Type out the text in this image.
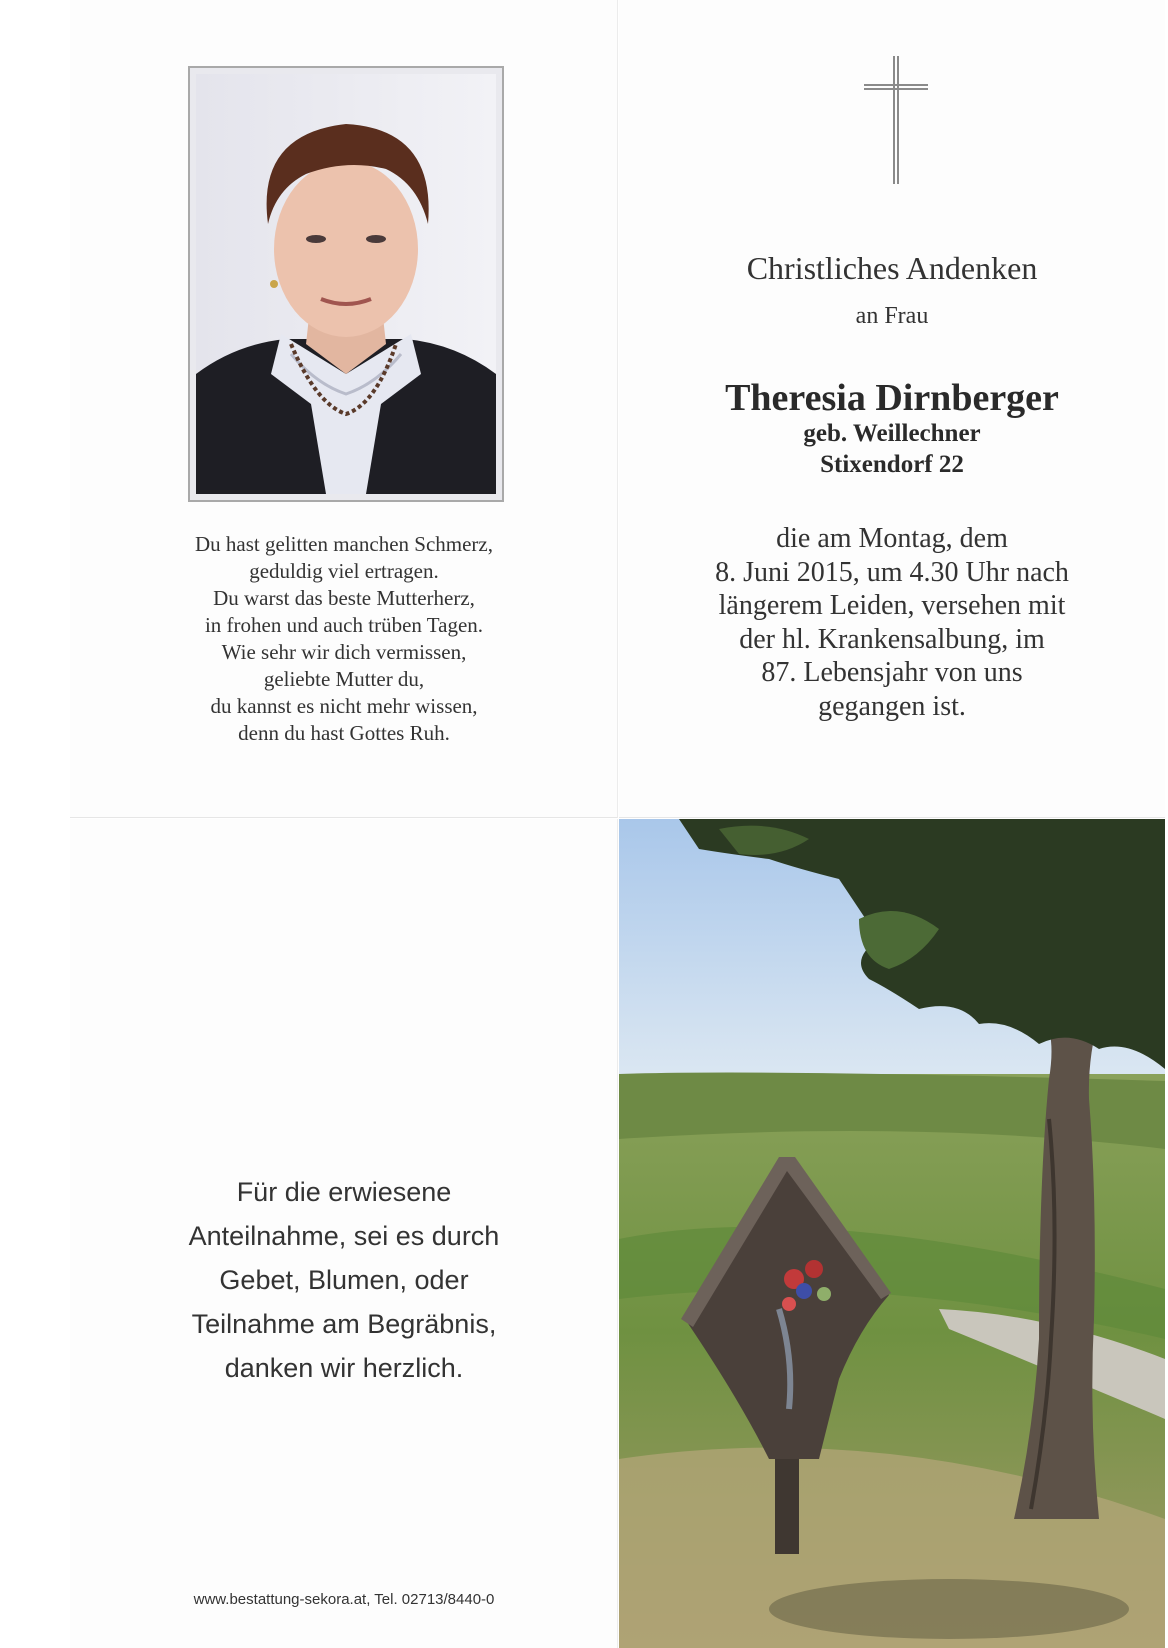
Du hast gelitten manchen Schmerz,
geduldig viel ertragen.
Du warst das beste Mutterherz,
in frohen und auch trüben Tagen.
Wie sehr wir dich vermissen,
geliebte Mutter du,
du kannst es nicht mehr wissen,
denn du hast Gottes Ruh.
Christliches Andenken
an Frau
Theresia Dirnberger
geb. Weillechner
Stixendorf 22
die am Montag, dem
8. Juni 2015, um 4.30 Uhr nach
längerem Leiden, versehen mit
der hl. Krankensalbung, im
87. Lebensjahr von uns
gegangen ist.
Für die erwiesene
Anteilnahme, sei es durch
Gebet, Blumen, oder
Teilnahme am Begräbnis,
danken wir herzlich.
www.bestattung-sekora.at, Tel. 02713/8440-0
